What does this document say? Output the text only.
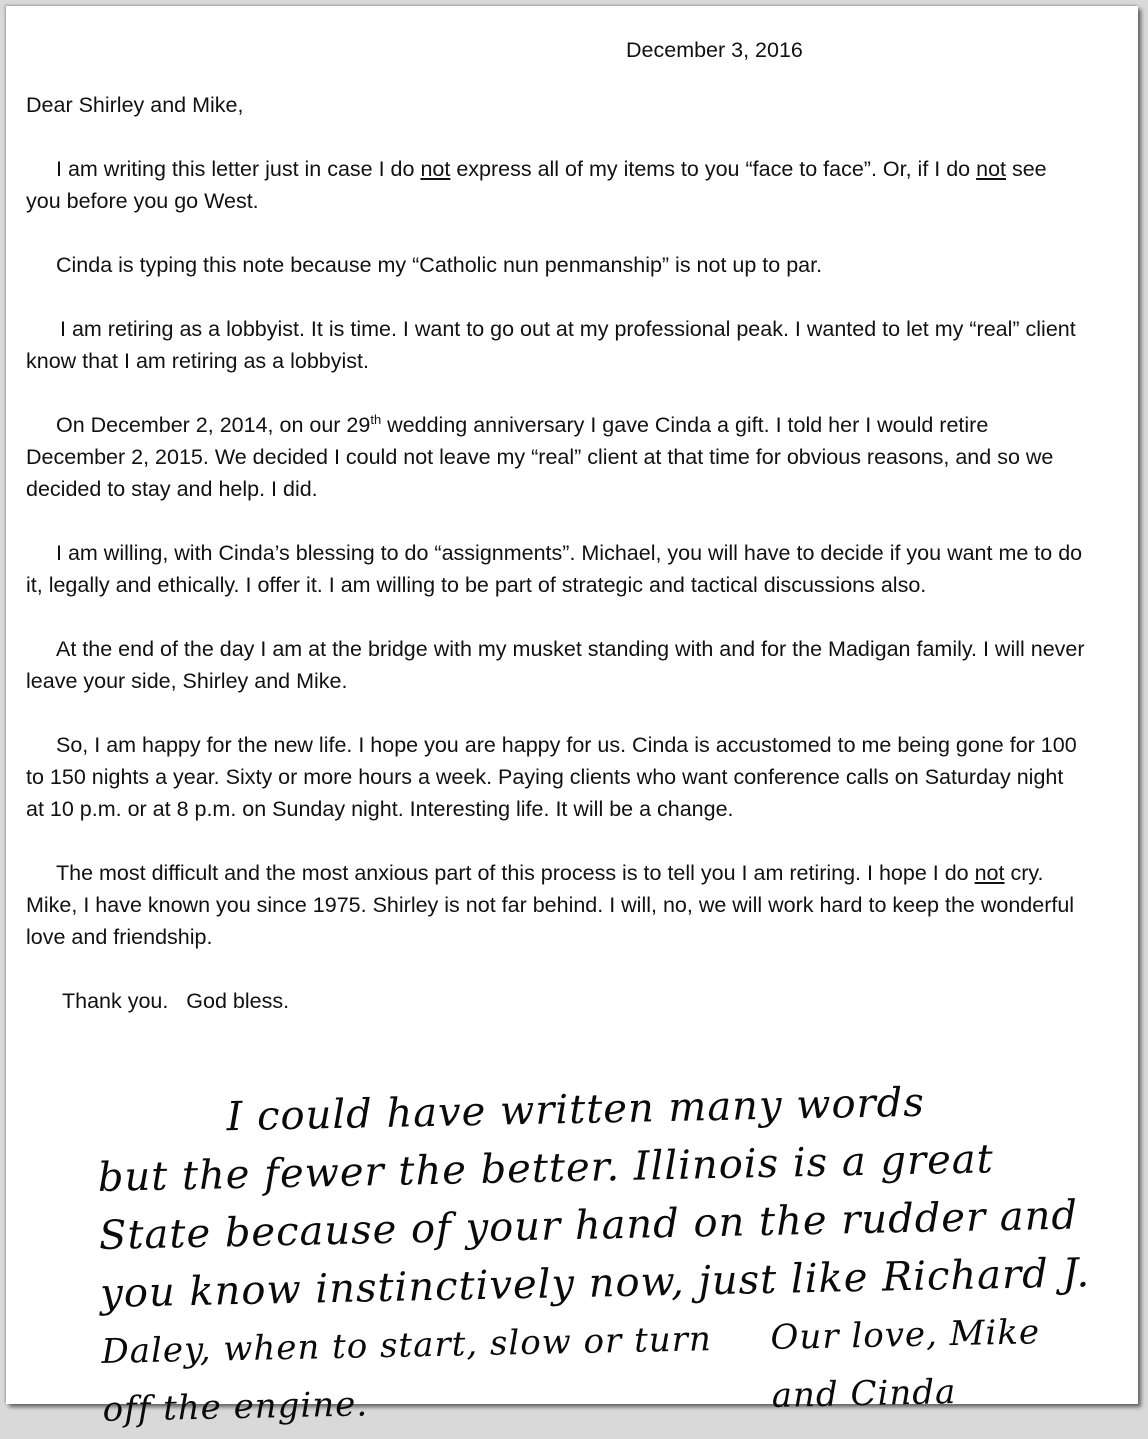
December 3, 2016
Dear Shirley and Mike,

I am writing this letter just in case I do not express all of my items to you “face to face”. Or, if I do not see you before you go West.

Cinda is typing this note because my “Catholic nun penmanship” is not up to par.

I am retiring as a lobbyist. It is time. I want to go out at my professional peak. I wanted to let my “real” client know that I am retiring as a lobbyist.

On December 2, 2014, on our 29th wedding anniversary I gave Cinda a gift. I told her I would retire December 2, 2015. We decided I could not leave my “real” client at that time for obvious reasons, and so we decided to stay and help. I did.

I am willing, with Cinda’s blessing to do “assignments”. Michael, you will have to decide if you want me to do it, legally and ethically. I offer it. I am willing to be part of strategic and tactical discussions also.

At the end of the day I am at the bridge with my musket standing with and for the Madigan family. I will never leave your side, Shirley and Mike.

So, I am happy for the new life. I hope you are happy for us. Cinda is accustomed to me being gone for 100 to 150 nights a year. Sixty or more hours a week. Paying clients who want conference calls on Saturday night at 10 p.m. or at 8 p.m. on Sunday night. Interesting life. It will be a change.

The most difficult and the most anxious part of this process is to tell you I am retiring. I hope I do not cry. Mike, I have known you since 1975. Shirley is not far behind. I will, no, we will work hard to keep the wonderful love and friendship.

Thank you.   God bless.
I could have written many words
but the fewer the better. Illinois is a great
State because of your hand on the rudder and
you know instinctively now, just like Richard J.
Daley, when to start, slow or turn off the engine.
Our love, Mike and Cinda
